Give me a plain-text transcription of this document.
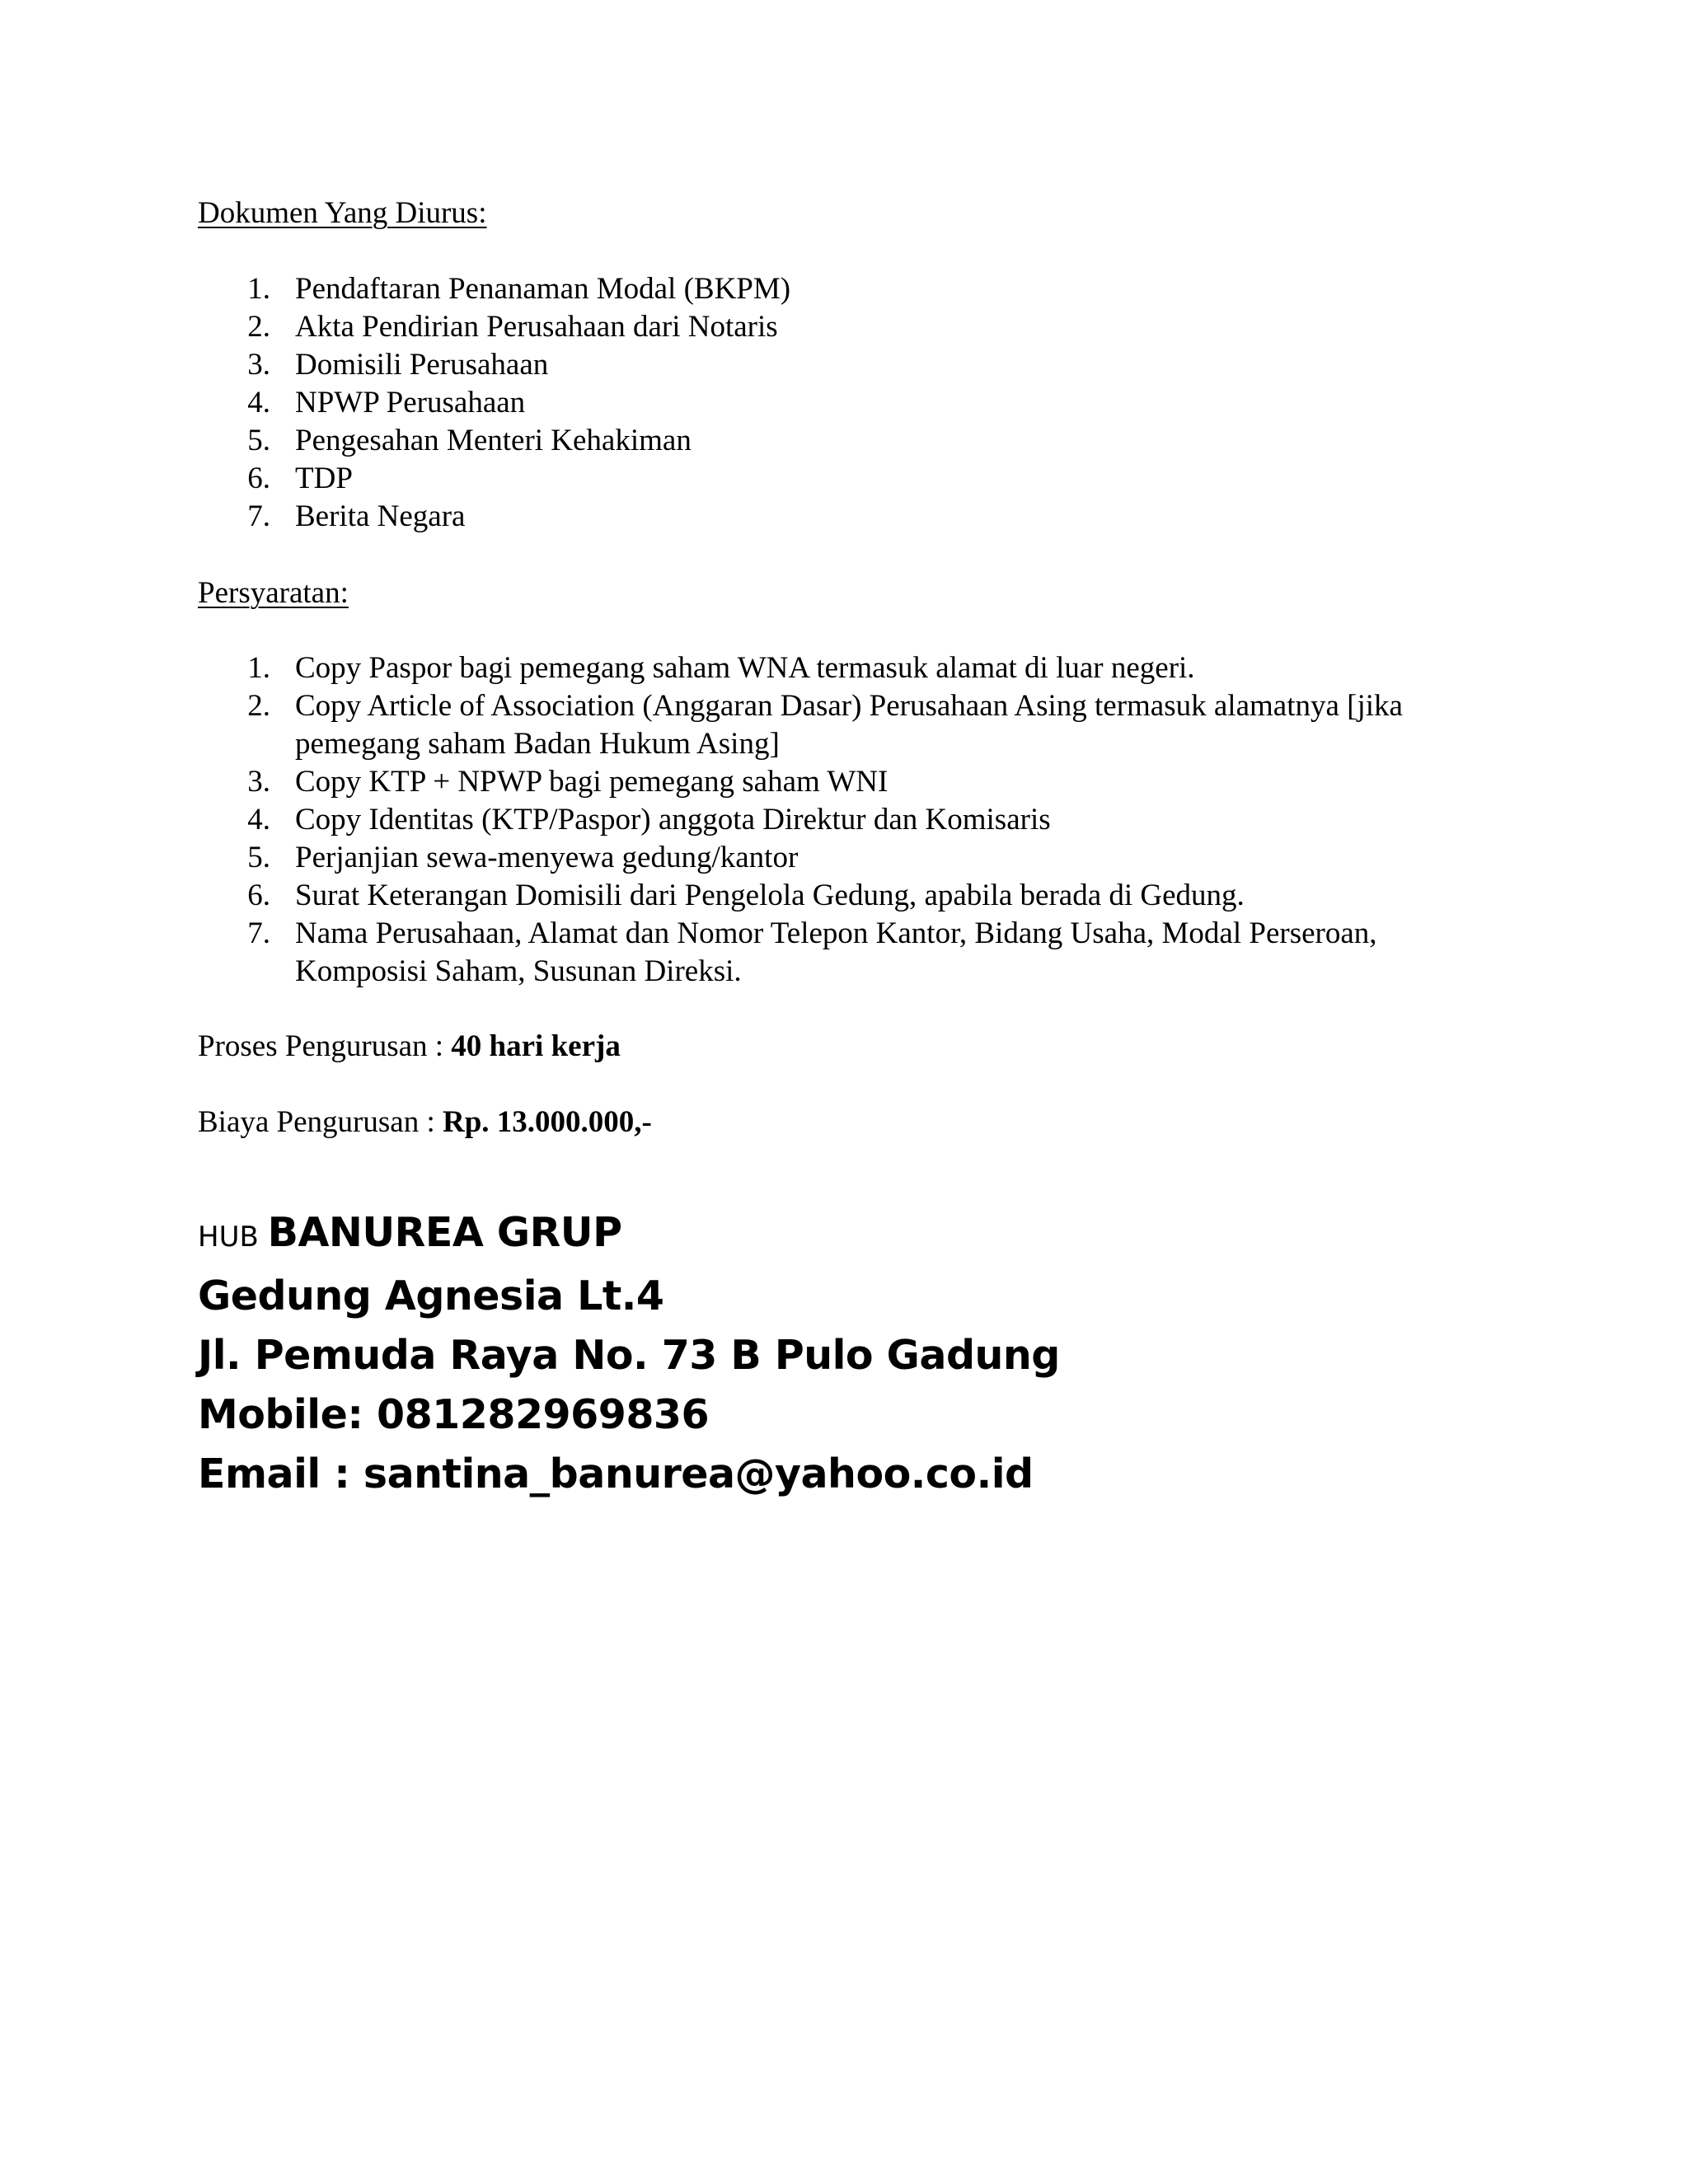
Dokumen Yang Diurus:
1. Pendaftaran Penanaman Modal (BKPM)
2. Akta Pendirian Perusahaan dari Notaris
3. Domisili Perusahaan
4. NPWP Perusahaan
5. Pengesahan Menteri Kehakiman
6. TDP
7. Berita Negara
Persyaratan:
1. Copy Paspor bagi pemegang saham WNA termasuk alamat di luar negeri.
2. Copy Article of Association (Anggaran Dasar) Perusahaan Asing termasuk alamatnya [jika pemegang saham Badan Hukum Asing]
3. Copy KTP + NPWP bagi pemegang saham WNI
4. Copy Identitas (KTP/Paspor) anggota Direktur dan Komisaris
5. Perjanjian sewa-menyewa gedung/kantor
6. Surat Keterangan Domisili dari Pengelola Gedung, apabila berada di Gedung.
7. Nama Perusahaan, Alamat dan Nomor Telepon Kantor, Bidang Usaha, Modal Perseroan, Komposisi Saham, Susunan Direksi.
Proses Pengurusan : 40 hari kerja
Biaya Pengurusan : Rp. 13.000.000,-
HUB BANUREA GRUP
Gedung Agnesia Lt.4
Jl. Pemuda Raya No. 73 B Pulo Gadung
Mobile: 081282969836
Email : santina_banurea@yahoo.co.id
